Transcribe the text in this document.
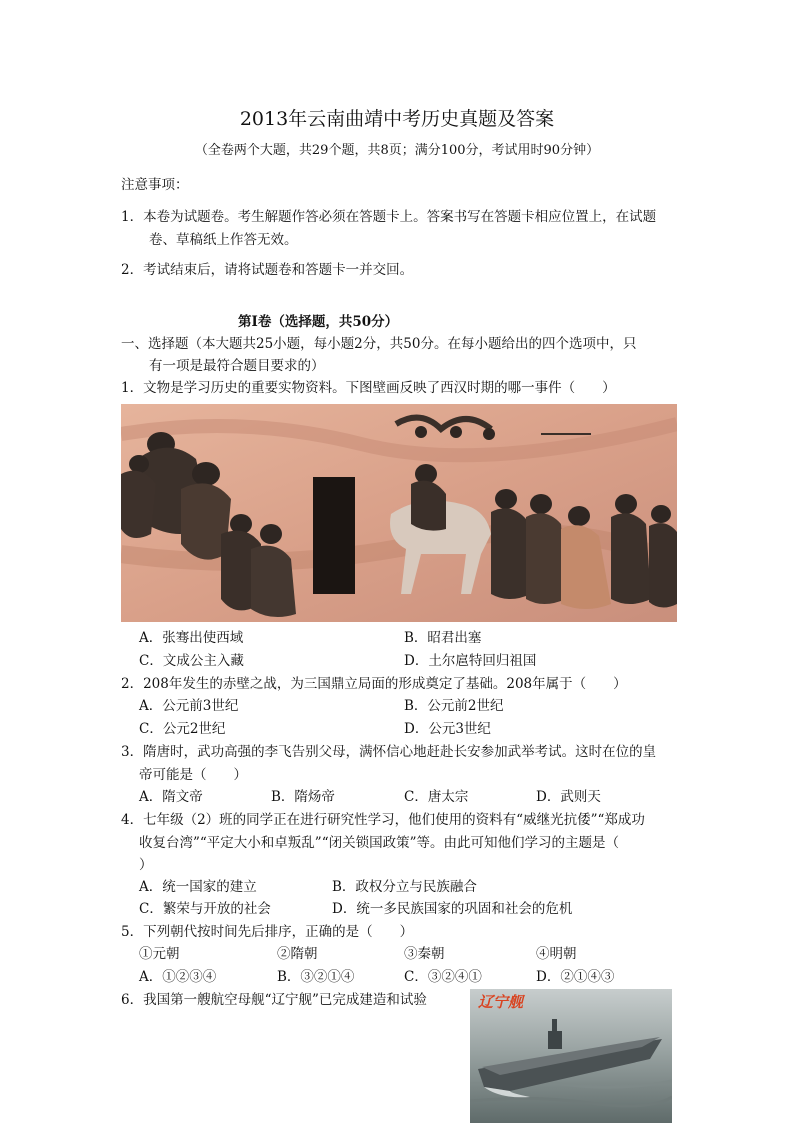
2013年云南曲靖中考历史真题及答案
（全卷两个大题，共29个题，共8页；满分100分，考试用时90分钟）
注意事项：
1．本卷为试题卷。考生解题作答必须在答题卡上。答案书写在答题卡相应位置上，在试题
卷、草稿纸上作答无效。
2．考试结束后，请将试题卷和答题卡一并交回。
第Ⅰ卷（选择题，共50分）
一、选择题（本大题共25小题，每小题2分，共50分。在每小题给出的四个选项中，只
有一项是最符合题目要求的）
1．文物是学习历史的重要实物资料。下图壁画反映了西汉时期的哪一事件（　　）
A．张骞出使西域	B．昭君出塞
C．文成公主入藏	D．土尔扈特回归祖国
2．208年发生的赤壁之战，为三国鼎立局面的形成奠定了基础。208年属于（　　）
A．公元前3世纪	B．公元前2世纪
C．公元2世纪	D．公元3世纪
3．隋唐时，武功高强的李飞告别父母，满怀信心地赶赴长安参加武举考试。这时在位的皇
帝可能是（　　）
A．隋文帝	B．隋炀帝	C．唐太宗	D．武则天
4．七年级（2）班的同学正在进行研究性学习，他们使用的资料有“威继光抗倭”“郑成功
收复台湾”“平定大小和卓叛乱”“闭关锁国政策”等。由此可知他们学习的主题是（
）
A．统一国家的建立	B．政权分立与民族融合
C．繁荣与开放的社会	D．统一多民族国家的巩固和社会的危机
5．下列朝代按时间先后排序，正确的是（　　）
①元朝	②隋朝	③秦朝	④明朝
A．①②③④	B．③②①④	C．③②④①	D．②①④③
6．我国第一艘航空母舰“辽宁舰”已完成建造和试验	辽宁舰
